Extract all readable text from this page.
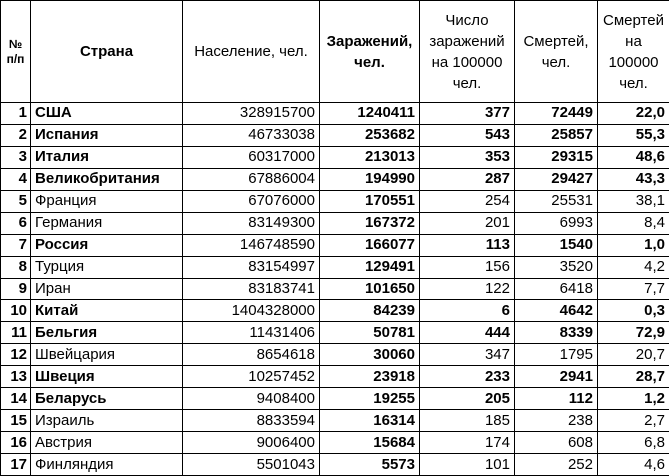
№ п/п	Страна	Население, чел.	Заражений, чел.	Число заражений на 100000 чел.	Смертей, чел.	Смертей на 100000 чел.
1	США	328915700	1240411	377	72449	22,0
2	Испания	46733038	253682	543	25857	55,3
3	Италия	60317000	213013	353	29315	48,6
4	Великобритания	67886004	194990	287	29427	43,3
5	Франция	67076000	170551	254	25531	38,1
6	Германия	83149300	167372	201	6993	8,4
7	Россия	146748590	166077	113	1540	1,0
8	Турция	83154997	129491	156	3520	4,2
9	Иран	83183741	101650	122	6418	7,7
10	Китай	1404328000	84239	6	4642	0,3
11	Бельгия	11431406	50781	444	8339	72,9
12	Швейцария	8654618	30060	347	1795	20,7
13	Швеция	10257452	23918	233	2941	28,7
14	Беларусь	9408400	19255	205	112	1,2
15	Израиль	8833594	16314	185	238	2,7
16	Австрия	9006400	15684	174	608	6,8
17	Финляндия	5501043	5573	101	252	4,6
